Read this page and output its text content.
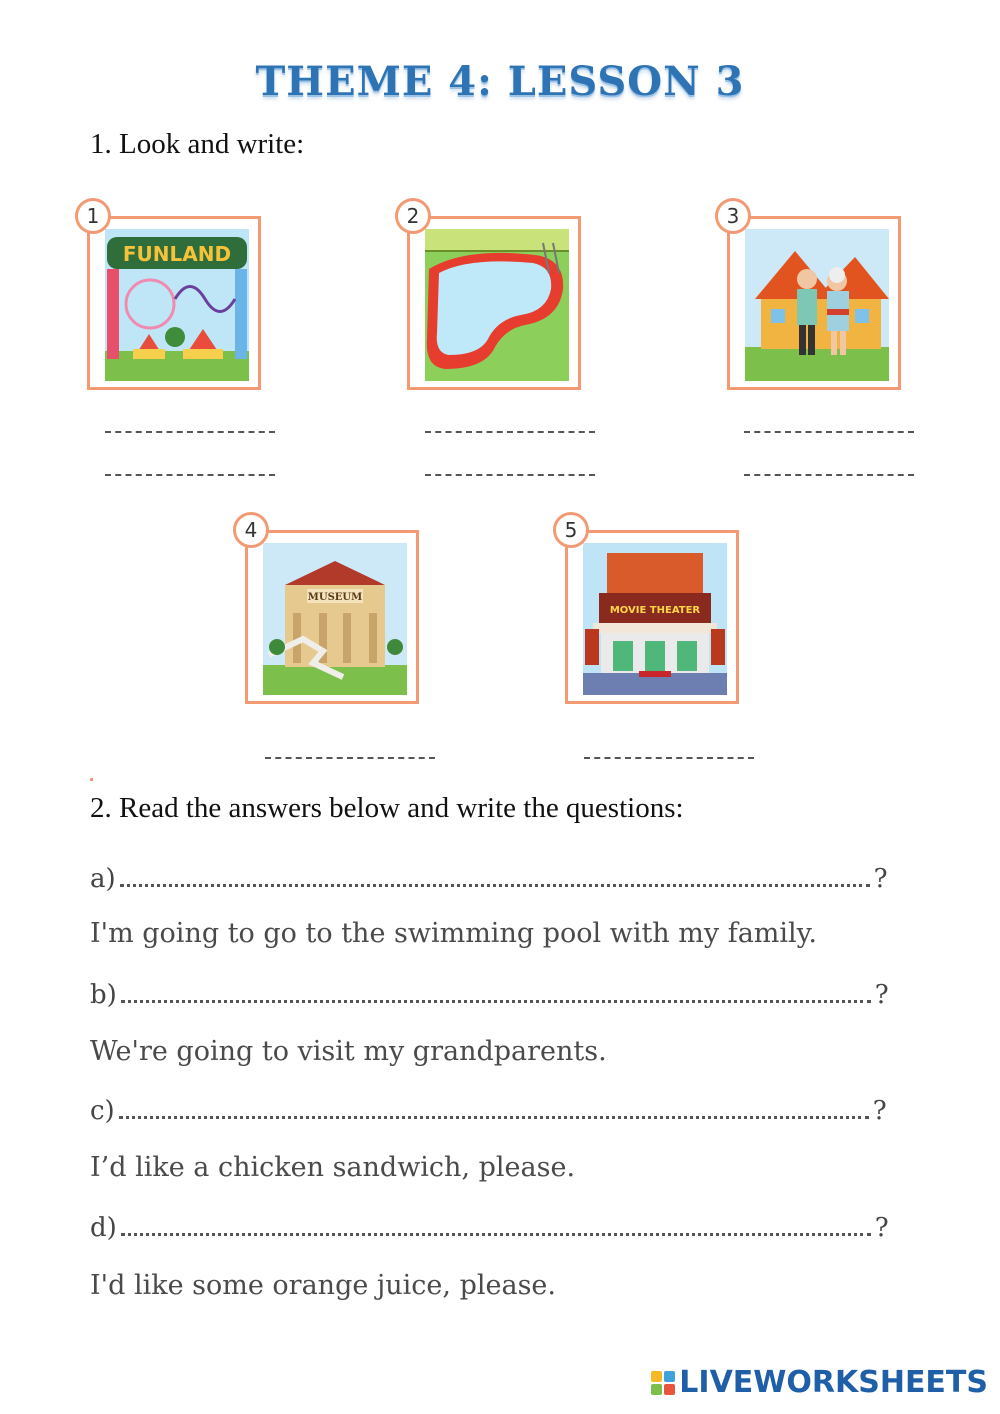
THEME 4: LESSON 3
1. Look and write:
1
FUNLAND
2	3
4
MUSEUM
5
MOVIE THEATER
2. Read the answers below and write the questions:
a)	?
I'm going to go to the swimming pool with my family.
b)	?
We're going to visit my grandparents.
c)	?
I’d like a chicken sandwich, please.
d)	?
I'd like some orange juice, please.
LIVEWORKSHEETS
